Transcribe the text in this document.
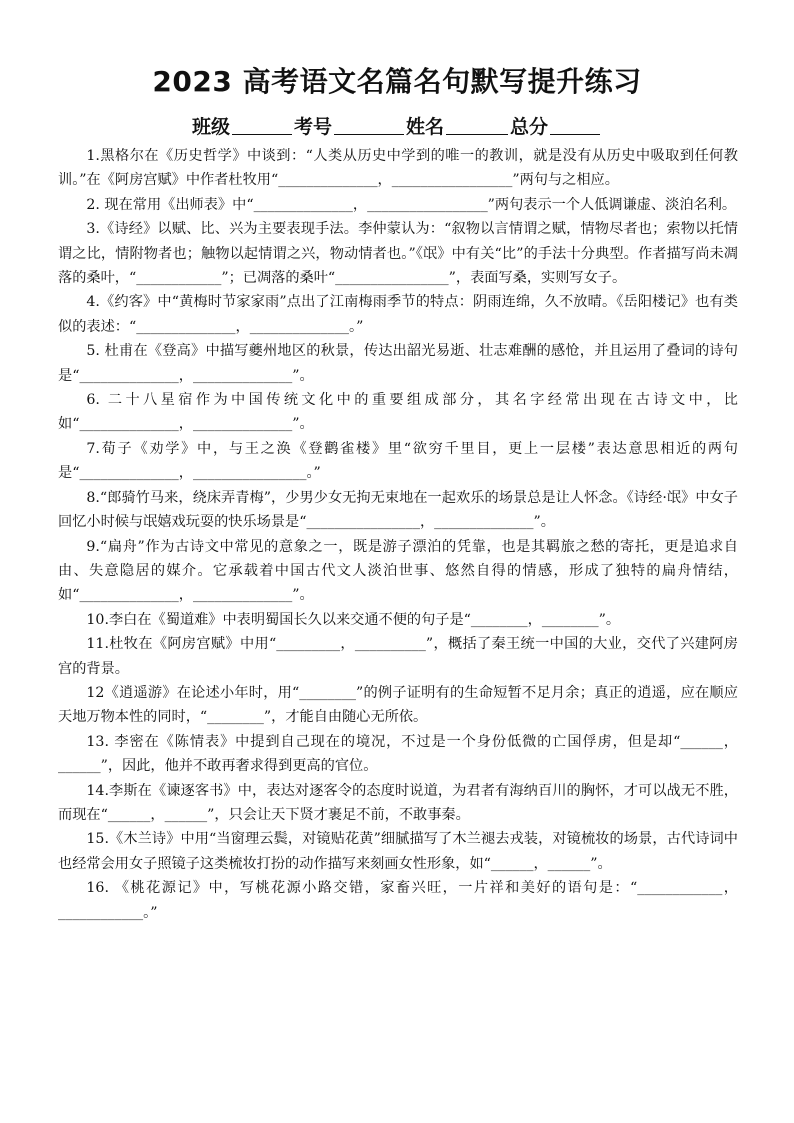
2023 高考语文名篇名句默写提升练习
班级	考号	姓名	总分

1.黑格尔在《历史哲学》中谈到：“人类从历史中学到的唯一的教训，就是没有从历史中吸取到任何教训。”在《阿房宫赋》中作者杜牧用“______________，_________________”两句与之相应。

2. 现在常用《出师表》中“______________，_________________”两句表示一个人低调谦虚、淡泊名利。

3.《诗经》以赋、比、兴为主要表现手法。李仲蒙认为：“叙物以言情谓之赋，情物尽者也；索物以托情谓之比，情附物者也；触物以起情谓之兴，物动情者也。”《氓》中有关“比”的手法十分典型。作者描写尚未凋落的桑叶，“____________”；已凋落的桑叶“________________”，表面写桑，实则写女子。

4.《约客》中“黄梅时节家家雨”点出了江南梅雨季节的特点：阴雨连绵，久不放晴。《岳阳楼记》也有类似的表述：“______________，______________。”

5. 杜甫在《登高》中描写夔州地区的秋景，传达出韶光易逝、壮志难酬的感怆，并且运用了叠词的诗句是“______________，______________”。

6. 二十八星宿作为中国传统文化中的重要组成部分，其名字经常出现在古诗文中，比如“______________，______________”。

7.荀子《劝学》中，与王之涣《登鹳雀楼》里“欲穷千里目，更上一层楼”表达意思相近的两句是“______________，________________。”

8.“郎骑竹马来，绕床弄青梅”，少男少女无拘无束地在一起欢乐的场景总是让人怀念。《诗经·氓》中女子回忆小时候与氓嬉戏玩耍的快乐场景是“________________，______________”。

9.“扁舟”作为古诗文中常见的意象之一，既是游子漂泊的凭靠，也是其羁旅之愁的寄托，更是追求自由、失意隐居的媒介。它承载着中国古代文人淡泊世事、悠然自得的情感，形成了独特的扁舟情结，如“______________，______________”。

10.李白在《蜀道难》中表明蜀国长久以来交通不便的句子是“________，________”。

11.杜牧在《阿房宫赋》中用“_________，__________”，概括了秦王统一中国的大业，交代了兴建阿房宫的背景。

12《逍遥游》在论述小年时，用“________”的例子证明有的生命短暂不足月余；真正的逍遥，应在顺应天地万物本性的同时，“________”，才能自由随心无所依。

13. 李密在《陈情表》中提到自己现在的境况，不过是一个身份低微的亡国俘虏，但是却“______，______”，因此，他并不敢再奢求得到更高的官位。

14.李斯在《谏逐客书》中，表达对逐客令的态度时说道，为君者有海纳百川的胸怀，才可以战无不胜，而现在“______，______”，只会让天下贤才裹足不前，不敢事秦。

15.《木兰诗》中用“当窗理云鬓，对镜贴花黄”细腻描写了木兰褪去戎装，对镜梳妆的场景，古代诗词中也经常会用女子照镜子这类梳妆打扮的动作描写来刻画女性形象，如“______，______”。

16. 《桃花源记》中，写桃花源小路交错，家畜兴旺，一片祥和美好的语句是：“____________，____________。”
